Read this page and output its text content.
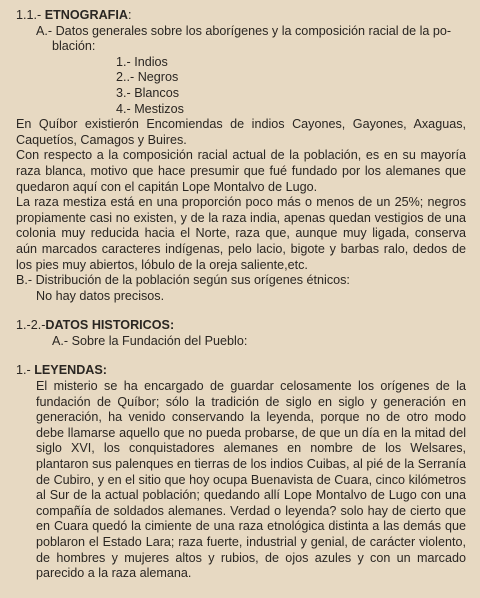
1.1.- ETNOGRAFIA:

A.- Datos generales sobre los aborígenes y la composición racial de la po-

blación:

1.- Indios

2..- Negros

3.- Blancos

4.- Mestizos

En Quíbor existierón Encomiendas de indios Cayones, Gayones, Axaguas, Caquetíos, Camagos y Buires.

Con respecto a la composición racial actual de la población, es en su mayoría raza blanca, motivo que hace presumir que fué fundado por los alemanes que quedaron aquí con el capitán Lope Montalvo de Lugo.

La raza mestiza está en una proporción poco más o menos de un 25%; negros propiamente casi no existen, y de la raza india, apenas quedan vestigios de una colonia muy reducida hacia el Norte, raza que, aunque muy ligada, conserva aún marcados caracteres indígenas, pelo lacio, bigote y barbas ralo, dedos de los pies muy abiertos, lóbulo de la oreja saliente,etc.

B.- Distribución de la población según sus orígenes étnicos:

No hay datos precisos.

1.-2.-DATOS HISTORICOS:

A.- Sobre la Fundación del Pueblo:

1.- LEYENDAS:

El misterio se ha encargado de guardar celosamente los orígenes de la fundación de Quíbor; sólo la tradición de siglo en siglo y generación en generación, ha venido conservando la leyenda, porque no de otro modo debe llamarse aquello que no pueda probarse, de que un día en la mitad del siglo XVI, los conquistadores alemanes en nombre de los Welsares, plantaron sus palenques en tierras de los indios Cuibas, al pié de la Serranía de Cubiro, y en el sitio que hoy ocupa Buenavista de Cuara, cinco kilómetros al Sur de la actual población; quedando allí Lope Montalvo de Lugo con una compañía de soldados alemanes. Verdad o leyenda? solo hay de cierto que en Cuara quedó la cimiente de una raza etnológica distinta a las demás que poblaron el Estado Lara; raza fuerte, industrial y genial, de carácter violento, de hombres y mujeres altos y rubios, de ojos azules y con un marcado parecido a la raza alemana.
